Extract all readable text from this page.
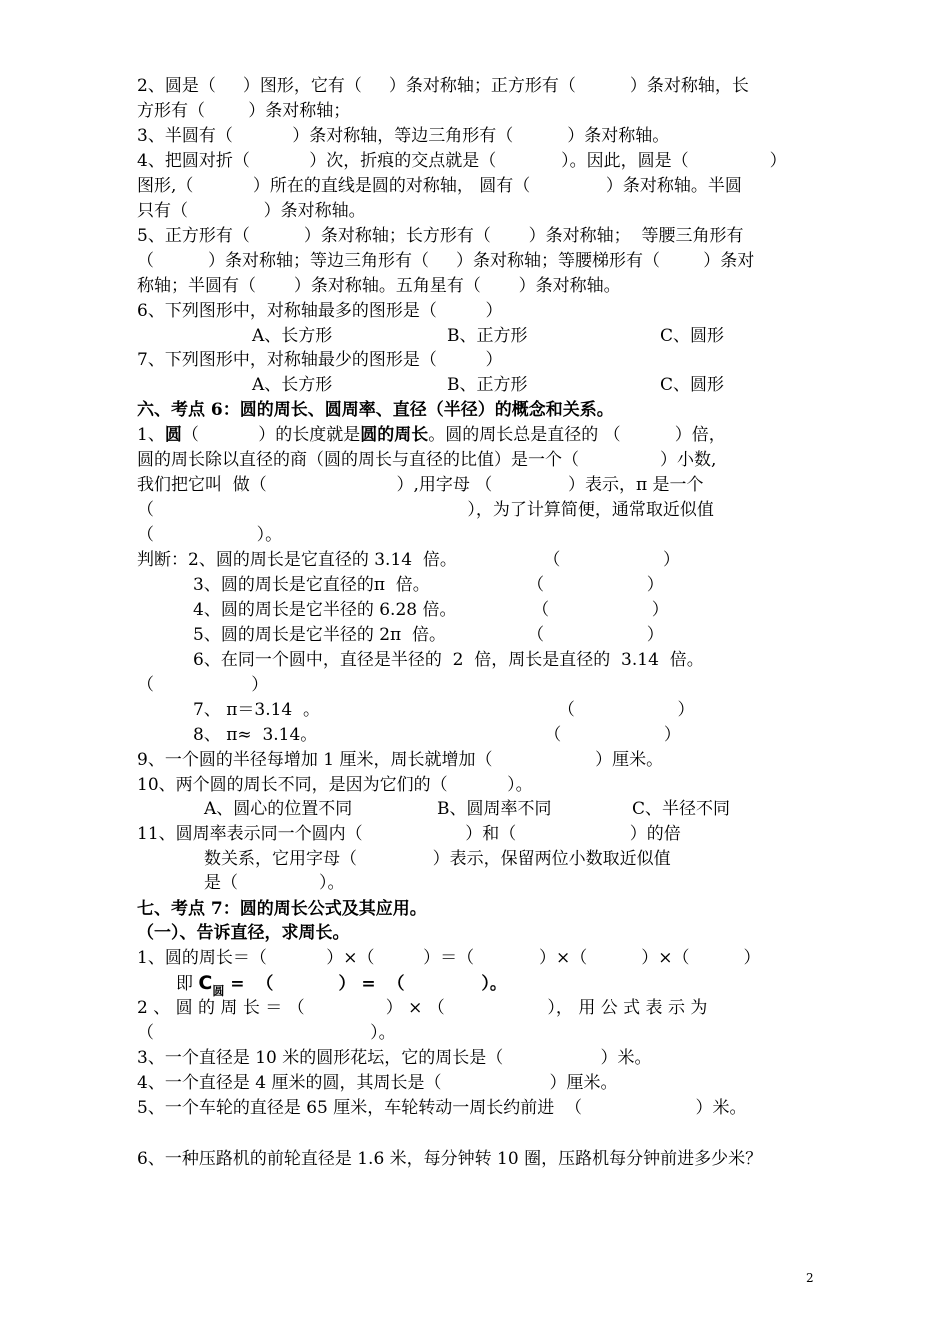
2、圆是（     ）图形，它有（     ）条对称轴；正方形有（          ）条对称轴，长
方形有（        ）条对称轴；
3、半圆有（           ）条对称轴，等边三角形有（          ）条对称轴。
4、把圆对折（           ）次，折痕的交点就是（            ）。因此，圆是（               ）
图形,（           ）所在的直线是圆的对称轴， 圆有（              ）条对称轴。半圆
只有（              ）条对称轴。
5、正方形有（          ）条对称轴；长方形有（       ）条对称轴；  等腰三角形有
（          ）条对称轴；等边三角形有（     ）条对称轴；等腰梯形有（        ）条对
称轴；半圆有（       ）条对称轴。五角星有（       ）条对称轴。
6、下列图形中，对称轴最多的图形是（         ）
A、长方形	B、正方形	C、圆形
7、下列图形中，对称轴最少的图形是（         ）
A、长方形	B、正方形	C、圆形
六、考点 6：圆的周长、圆周率、直径（半径）的概念和关系。
1、圆（           ）的长度就是圆的周长。圆的周长总是直径的 （          ）倍，
圆的周长除以直径的商（圆的周长与直径的比值）是一个（               ）小数,
我们把它叫  做（                        ）,用字母 （              ）表示，π 是一个
（                                                          ），为了计算简便，通常取近似值
（                   ）。
判断：2、圆的周长是它直径的 3.14  倍。                （                   ）
3、圆的周长是它直径的π  倍。                  （                   ）
4、圆的周长是它半径的 6.28 倍。              （                   ）
5、圆的周长是它半径的 2π  倍。               （                   ）
6、在同一个圆中，直径是半径的  2  倍，周长是直径的  3.14  倍。
（                  ）
7、 π＝3.14  。                                            （                   ）
8、 π≈  3.14。                                          （                   ）
9、一个圆的半径每增加 1 厘米，周长就增加（                   ）厘米。
10、两个圆的周长不同，是因为它们的（           ）。
A、圆心的位置不同	B、圆周率不同	C、半径不同
11、圆周率表示同一个圆内（                   ）和（                     ）的倍
数关系，它用字母（              ）表示，保留两位小数取近似值
是（               ）。
七、考点 7：圆的周长公式及其应用。
（一）、告诉直径，求周长。
1、圆的周长＝（           ）×（         ）＝（            ）×（          ）×（          ）
即 $C_圆$ =  （           ） =  （             ）。
2 、 圆 的 周 长 ＝ （               ） × （                   ）， 用 公 式 表 示 为
（                                        ）。
3、一个直径是 10 米的圆形花坛，它的周长是（                  ）米。
4、一个直径是 4 厘米的圆，其周长是（                    ）厘米。
5、一个车轮的直径是 65 厘米，车轮转动一周长约前进  （                     ）米。
6、一种压路机的前轮直径是 1.6 米，每分钟转 10 圈，压路机每分钟前进多少米？
2
